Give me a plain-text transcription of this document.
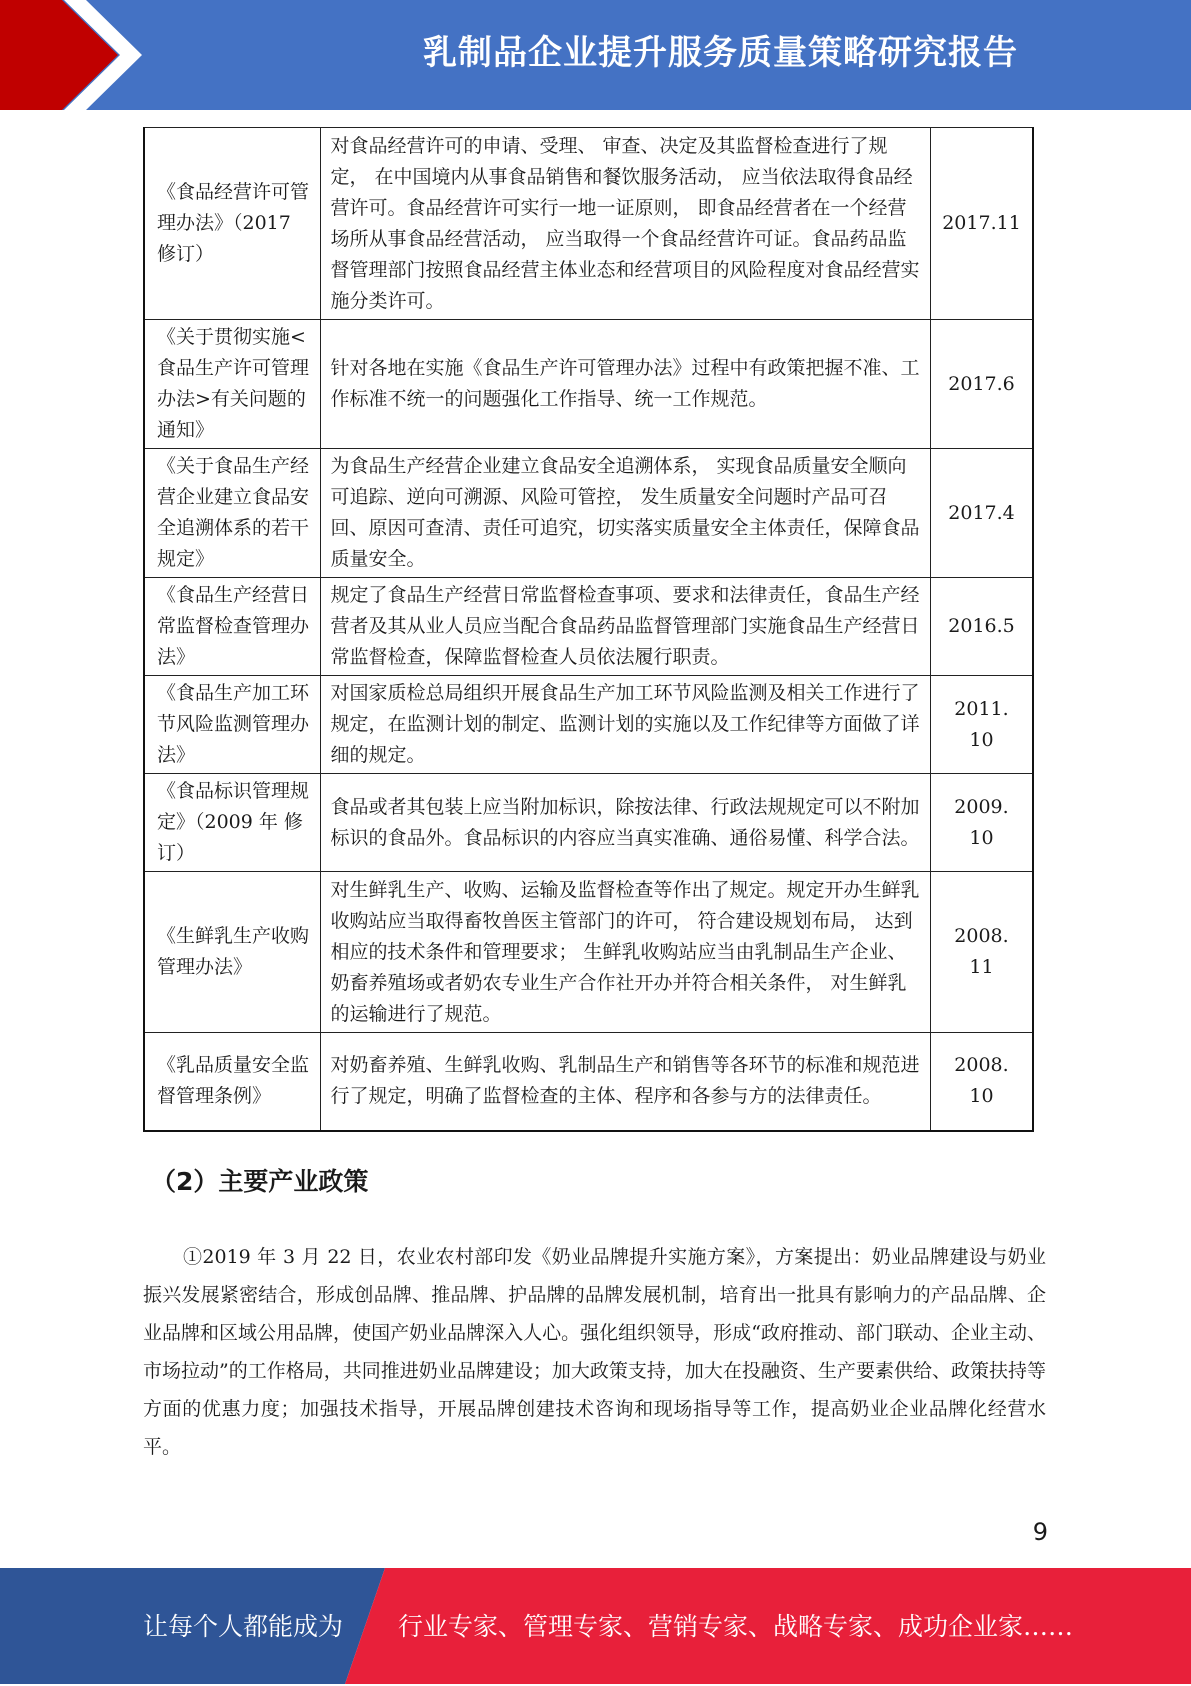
乳制品企业提升服务质量策略研究报告
《食品经营许可管理办法》（2017 修订）	对食品经营许可的申请、受理、 审查、决定及其监督检查进行了规定， 在中国境内从事食品销售和餐饮服务活动， 应当依法取得食品经营许可。食品经营许可实行一地一证原则， 即食品经营者在一个经营场所从事食品经营活动， 应当取得一个食品经营许可证。食品药品监督管理部门按照食品经营主体业态和经营项目的风险程度对食品经营实施分类许可。	2017.11
《关于贯彻实施<食品生产许可管理办法>有关问题的通知》	针对各地在实施《食品生产许可管理办法》过程中有政策把握不准、工作标准不统一的问题强化工作指导、统一工作规范。	2017.6
《关于食品生产经营企业建立食品安全追溯体系的若干规定》	为食品生产经营企业建立食品安全追溯体系， 实现食品质量安全顺向可追踪、逆向可溯源、风险可管控， 发生质量安全问题时产品可召回、原因可查清、责任可追究，切实落实质量安全主体责任，保障食品质量安全。	2017.4
《食品生产经营日常监督检查管理办法》	规定了食品生产经营日常监督检查事项、要求和法律责任，食品生产经营者及其从业人员应当配合食品药品监督管理部门实施食品生产经营日常监督检查，保障监督检查人员依法履行职责。	2016.5
《食品生产加工环节风险监测管理办法》	对国家质检总局组织开展食品生产加工环节风险监测及相关工作进行了规定，在监测计划的制定、监测计划的实施以及工作纪律等方面做了详细的规定。	2011. 10
《食品标识管理规定》（2009 年 修订）	食品或者其包装上应当附加标识，除按法律、行政法规规定可以不附加标识的食品外。食品标识的内容应当真实准确、通俗易懂、科学合法。	2009. 10
《生鲜乳生产收购管理办法》	对生鲜乳生产、收购、运输及监督检查等作出了规定。规定开办生鲜乳收购站应当取得畜牧兽医主管部门的许可， 符合建设规划布局， 达到相应的技术条件和管理要求； 生鲜乳收购站应当由乳制品生产企业、奶畜养殖场或者奶农专业生产合作社开办并符合相关条件， 对生鲜乳的运输进行了规范。	2008. 11
《乳品质量安全监督管理条例》	对奶畜养殖、生鲜乳收购、乳制品生产和销售等各环节的标准和规范进行了规定，明确了监督检查的主体、程序和各参与方的法律责任。	2008. 10
（2）主要产业政策

①2019 年 3 月 22 日，农业农村部印发《奶业品牌提升实施方案》，方案提出：奶业品牌建设与奶业振兴发展紧密结合，形成创品牌、推品牌、护品牌的品牌发展机制，培育出一批具有影响力的产品品牌、企业品牌和区域公用品牌，使国产奶业品牌深入人心。强化组织领导，形成“政府推动、部门联动、企业主动、市场拉动”的工作格局，共同推进奶业品牌建设；加大政策支持，加大在投融资、生产要素供给、政策扶持等方面的优惠力度；加强技术指导，开展品牌创建技术咨询和现场指导等工作，提高奶业企业品牌化经营水平。

9
让每个人都能成为 行业专家、管理专家、营销专家、战略专家、成功企业家……
